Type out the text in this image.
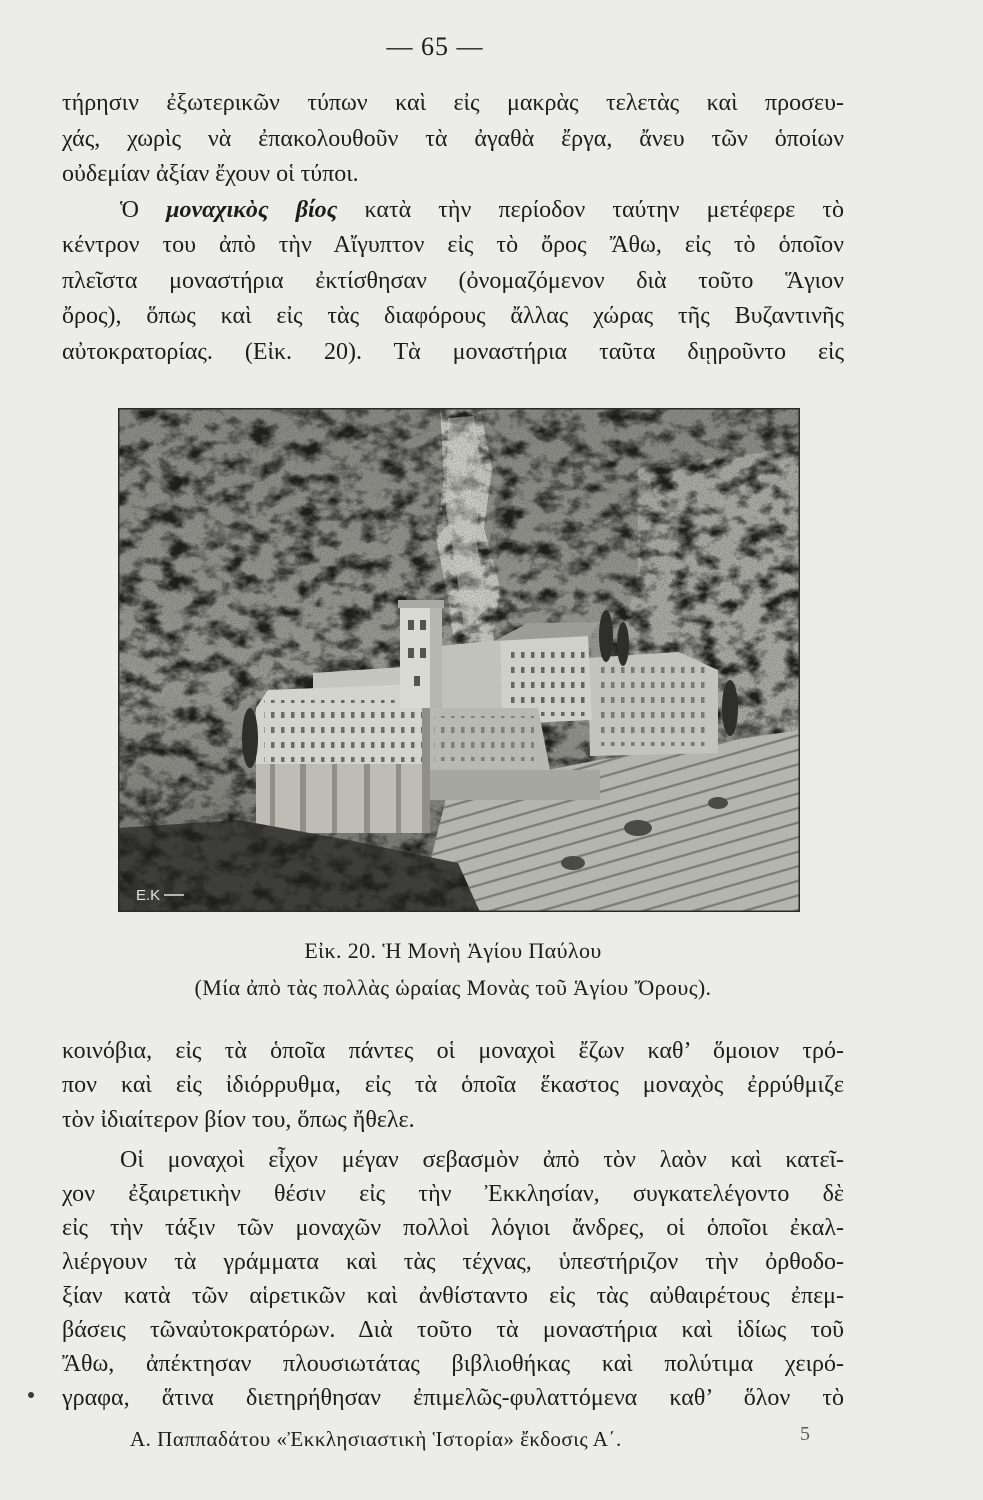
— 65 —
τήρησιν ἐξωτερικῶν τύπων καὶ εἰς μακρὰς τελετὰς καὶ προσευ-
χάς, χωρὶς νὰ ἐπακολουθοῦν τὰ ἀγαθὰ ἔργα, ἄνευ τῶν ὁποίων
οὐδεμίαν ἀξίαν ἔχουν οἱ τύποι.
Ὁ μοναχικὸς βίος κατὰ τὴν περίοδον ταύτην μετέφερε τὸ
κέντρον του ἀπὸ τὴν Αἴγυπτον εἰς τὸ ὄρος Ἄθω, εἰς τὸ ὁποῖον
πλεῖστα μοναστήρια ἐκτίσθησαν (ὀνομαζόμενον διὰ τοῦτο Ἅγιον
ὄρος), ὅπως καὶ εἰς τὰς διαφόρους ἄλλας χώρας τῆς Βυζαντινῆς
αὐτοκρατορίας. (Εἰκ. 20). Τὰ μοναστήρια ταῦτα διῃροῦντο εἰς
E.K
Εἰκ. 20. Ἡ Μονὴ Ἁγίου Παύλου
(Μία ἀπὸ τὰς πολλὰς ὡραίας Μονὰς τοῦ Ἁγίου Ὄρους).
κοινόβια, εἰς τὰ ὁποῖα πάντες οἱ μοναχοὶ ἔζων καθ’ ὅμοιον τρό-
πον καὶ εἰς ἰδιόρρυθμα, εἰς τὰ ὁποῖα ἕκαστος μοναχὸς ἐρρύθμιζε
τὸν ἰδιαίτερον βίον του, ὅπως ἤθελε.
Οἱ μοναχοὶ εἶχον μέγαν σεβασμὸν ἀπὸ τὸν λαὸν καὶ κατεῖ-
χον ἐξαιρετικὴν θέσιν εἰς τὴν Ἐκκλησίαν, συγκατελέγοντο δὲ
εἰς τὴν τάξιν τῶν μοναχῶν πολλοὶ λόγιοι ἄνδρες, οἱ ὁποῖοι ἐκαλ-
λιέργουν τὰ γράμματα καὶ τὰς τέχνας, ὑπεστήριζον τὴν ὀρθοδο-
ξίαν κατὰ τῶν αἱρετικῶν καὶ ἀνθίσταντο εἰς τὰς αὐθαιρέτους ἐπεμ-
βάσεις τῶναὐτοκρατόρων. Διὰ τοῦτο τὰ μοναστήρια καὶ ἰδίως τοῦ
Ἄθω, ἀπέκτησαν πλουσιωτάτας βιβλιοθήκας καὶ πολύτιμα χειρό-
γραφα, ἅτινα διετηρήθησαν ἐπιμελῶς-φυλαττόμενα καθ’ ὅλον τὸ
Α. Παππαδάτου «Ἐκκλησιαστικὴ Ἱστορία» ἔκδοσις Α΄.	5
